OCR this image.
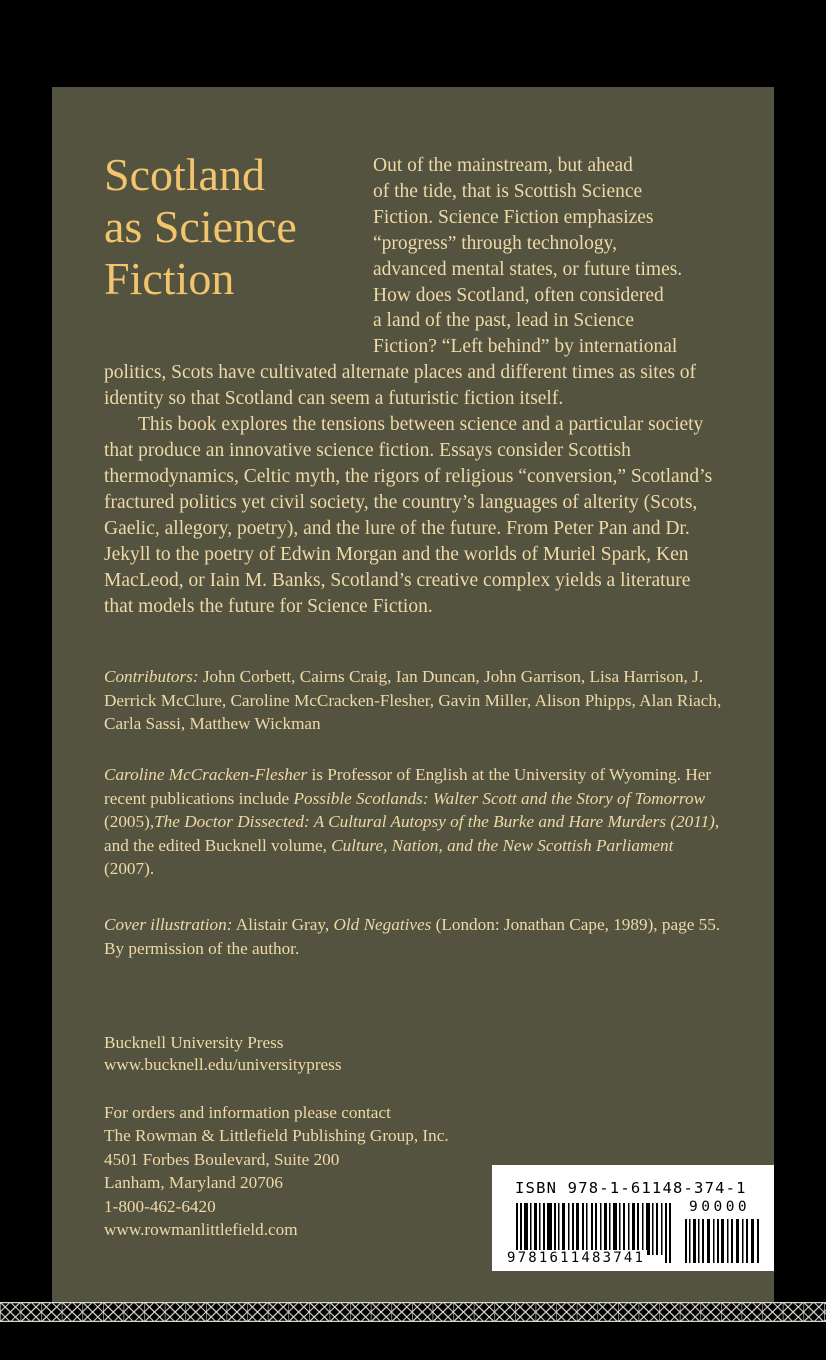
Scotland
as Science
Fiction
Out of the mainstream, but ahead
of the tide, that is Scottish Science
Fiction. Science Fiction emphasizes
“progress” through technology,
advanced mental states, or future times.
How does Scotland, often considered
a land of the past, lead in Science
Fiction? “Left behind” by international

politics, Scots have cultivated alternate places and different times as sites of identity so that Scotland can seem a futuristic fiction itself.

This book explores the tensions between science and a particular society that produce an innovative science fiction. Essays consider Scottish thermodynamics, Celtic myth, the rigors of religious “conversion,” Scotland’s fractured politics yet civil society, the country’s languages of alterity (Scots, Gaelic, allegory, poetry), and the lure of the future. From Peter Pan and Dr. Jekyll to the poetry of Edwin Morgan and the worlds of Muriel Spark, Ken MacLeod, or Iain M. Banks, Scotland’s creative complex yields a literature that models the future for Science Fiction.

Contributors: John Corbett, Cairns Craig, Ian Duncan, John Garrison, Lisa Harrison, J. Derrick McClure, Caroline McCracken-Flesher, Gavin Miller, Alison Phipps, Alan Riach, Carla Sassi, Matthew Wickman

Caroline McCracken-Flesher is Professor of English at the University of Wyoming. Her recent publications include Possible Scotlands: Walter Scott and the Story of Tomorrow (2005),The Doctor Dissected: A Cultural Autopsy of the Burke and Hare Murders (2011), and the edited Bucknell volume, Culture, Nation, and the New Scottish Parliament (2007).

Cover illustration: Alistair Gray, Old Negatives (London: Jonathan Cape, 1989), page 55. By permission of the author.

Bucknell University Press
www.bucknell.edu/universitypress
For orders and information please contact
The Rowman & Littlefield Publishing Group, Inc.
4501 Forbes Boulevard, Suite 200
Lanham, Maryland 20706
1-800-462-6420
www.rowmanlittlefield.com
ISBN 978-1-61148-374-1
90000
9781611483741
